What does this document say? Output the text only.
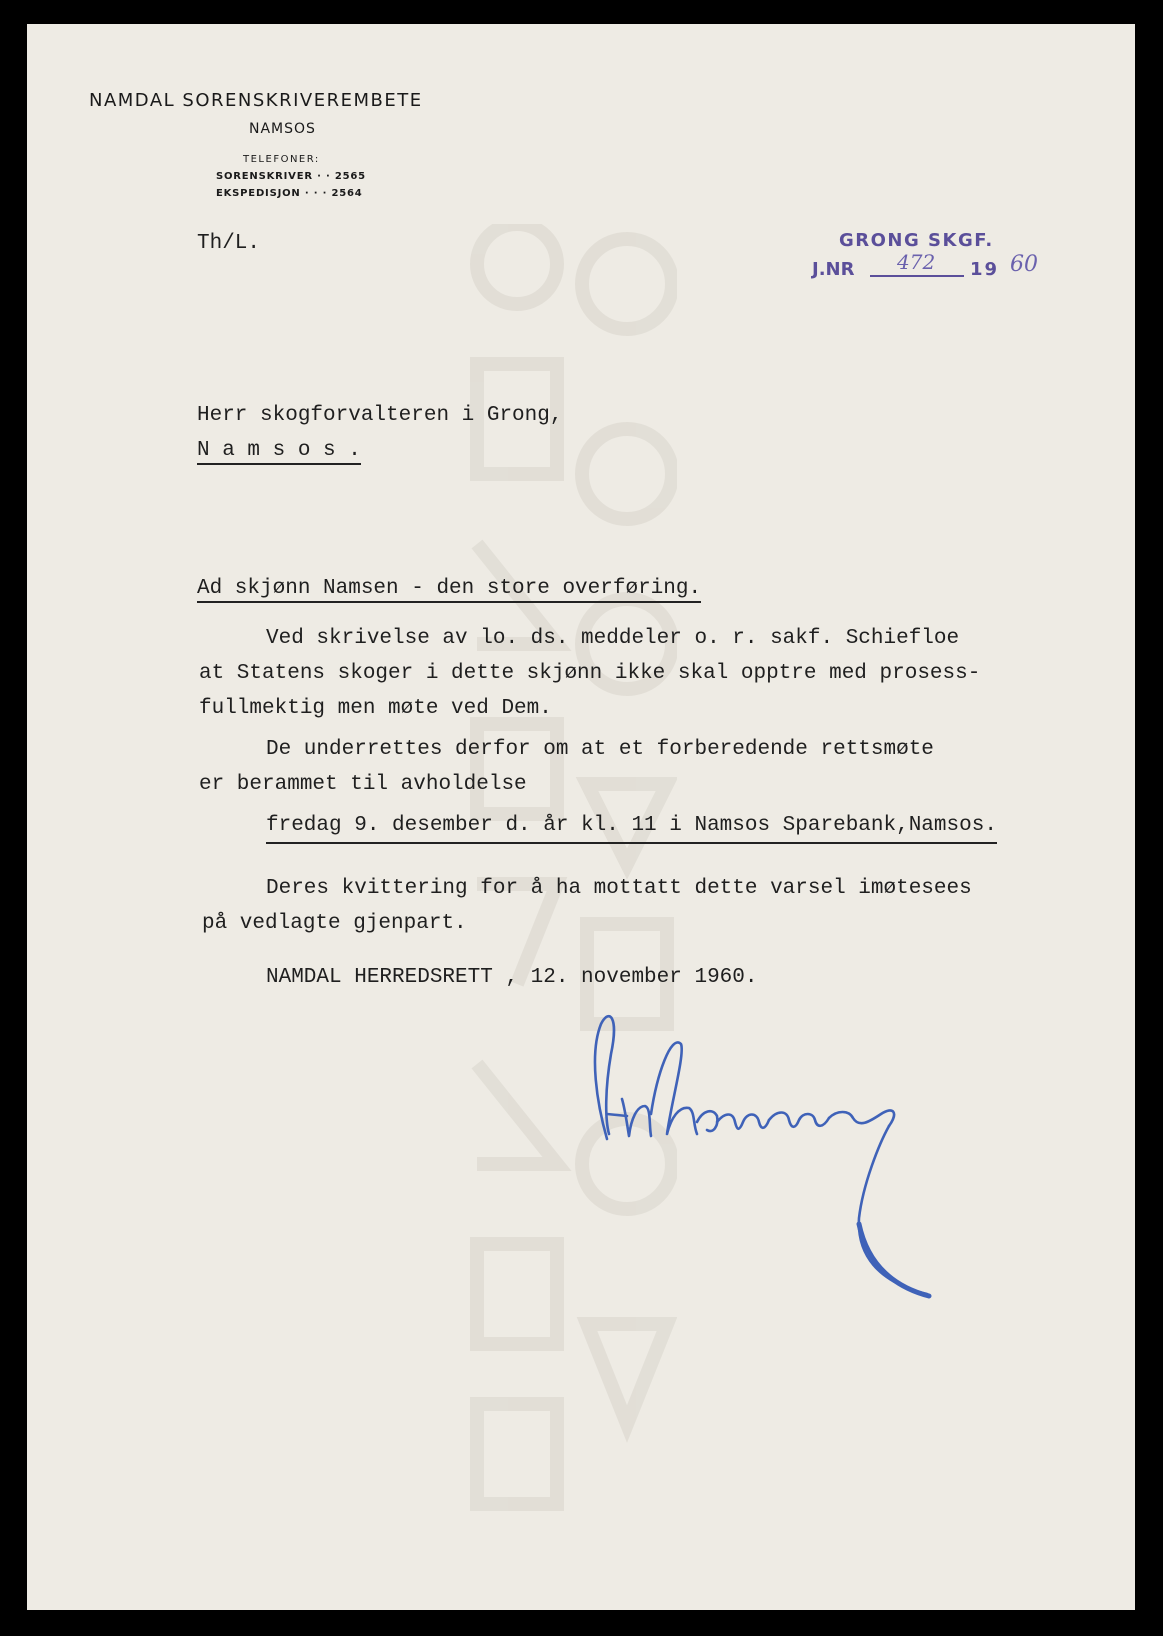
NAMDAL SORENSKRIVEREMBETE
NAMSOS
TELEFONER:
SORENSKRIVER · · 2565
EKSPEDISJON · · · 2564
Th/L.	GRONG SKGF.
J.NR 472 19 60
Herr skogforvalteren i Grong,
N a m s o s .
Ad skjønn Namsen - den store overføring.
Ved skrivelse av lo. ds. meddeler o. r. sakf. Schiefloe
at Statens skoger i dette skjønn ikke skal opptre med prosess-
fullmektig men møte ved Dem.
De underrettes derfor om at et forberedende rettsmøte
er berammet til avholdelse
fredag 9. desember d. år kl. 11 i Namsos Sparebank,Namsos.
Deres kvittering for å ha mottatt dette varsel imøtesees
på vedlagte gjenpart.
NAMDAL HERREDSRETT , 12. november 1960.
